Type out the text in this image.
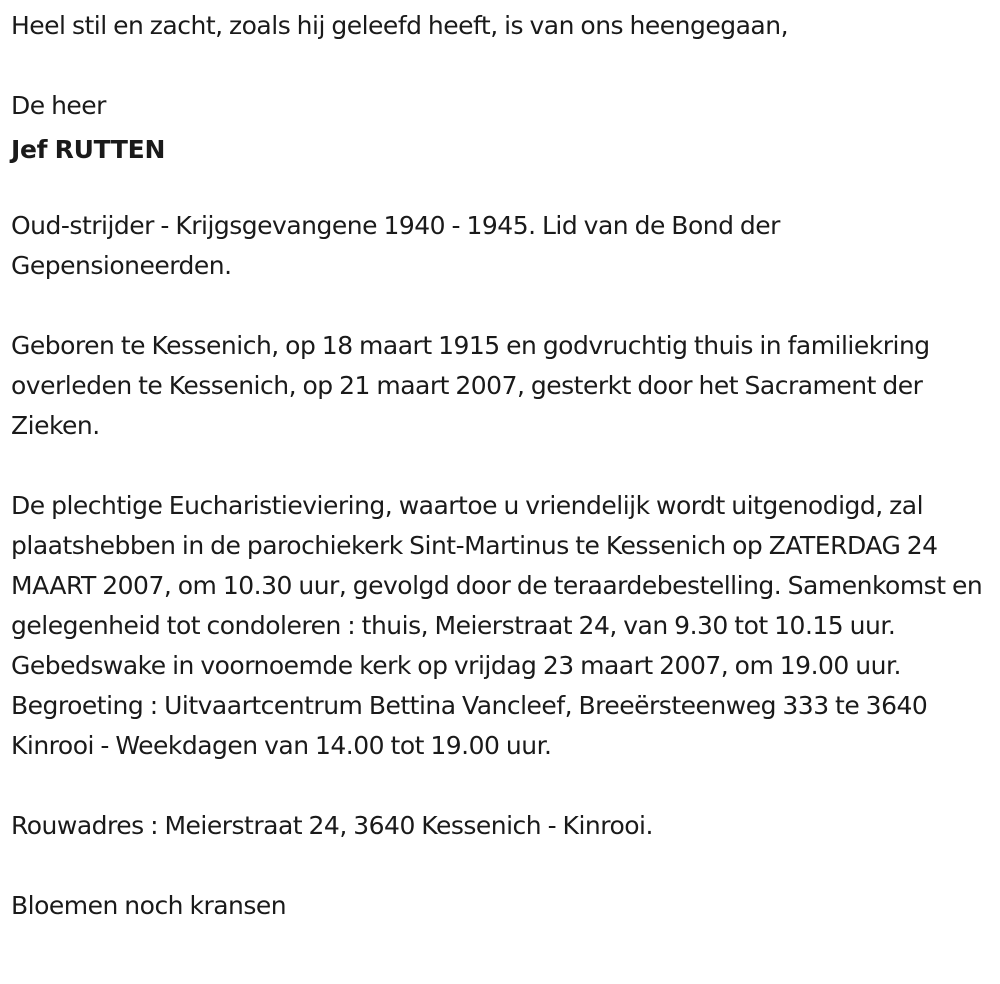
Heel stil en zacht, zoals hij geleefd heeft, is van ons heengegaan,

De heer

Jef RUTTEN

Oud-strijder - Krijgsgevangene 1940 - 1945. Lid van de Bond der Gepensioneerden.

Geboren te Kessenich, op 18 maart 1915 en godvruchtig thuis in familiekring overleden te Kessenich, op 21 maart 2007, gesterkt door het Sacrament der Zieken.

De plechtige Eucharistieviering, waartoe u vriendelijk wordt uitgenodigd, zal plaatshebben in de parochiekerk Sint-Martinus te Kessenich op ZATERDAG 24 MAART 2007, om 10.30 uur, gevolgd door de teraardebestelling. Samenkomst en gelegenheid tot condoleren : thuis, Meierstraat 24, van 9.30 tot 10.15 uur. Gebedswake in voornoemde kerk op vrijdag 23 maart 2007, om 19.00 uur. Begroeting : Uitvaartcentrum Bettina Vancleef, Breeërsteenweg 333 te 3640 Kinrooi - Weekdagen van 14.00 tot 19.00 uur.

Rouwadres : Meierstraat 24, 3640 Kessenich - Kinrooi.

Bloemen noch kransen
